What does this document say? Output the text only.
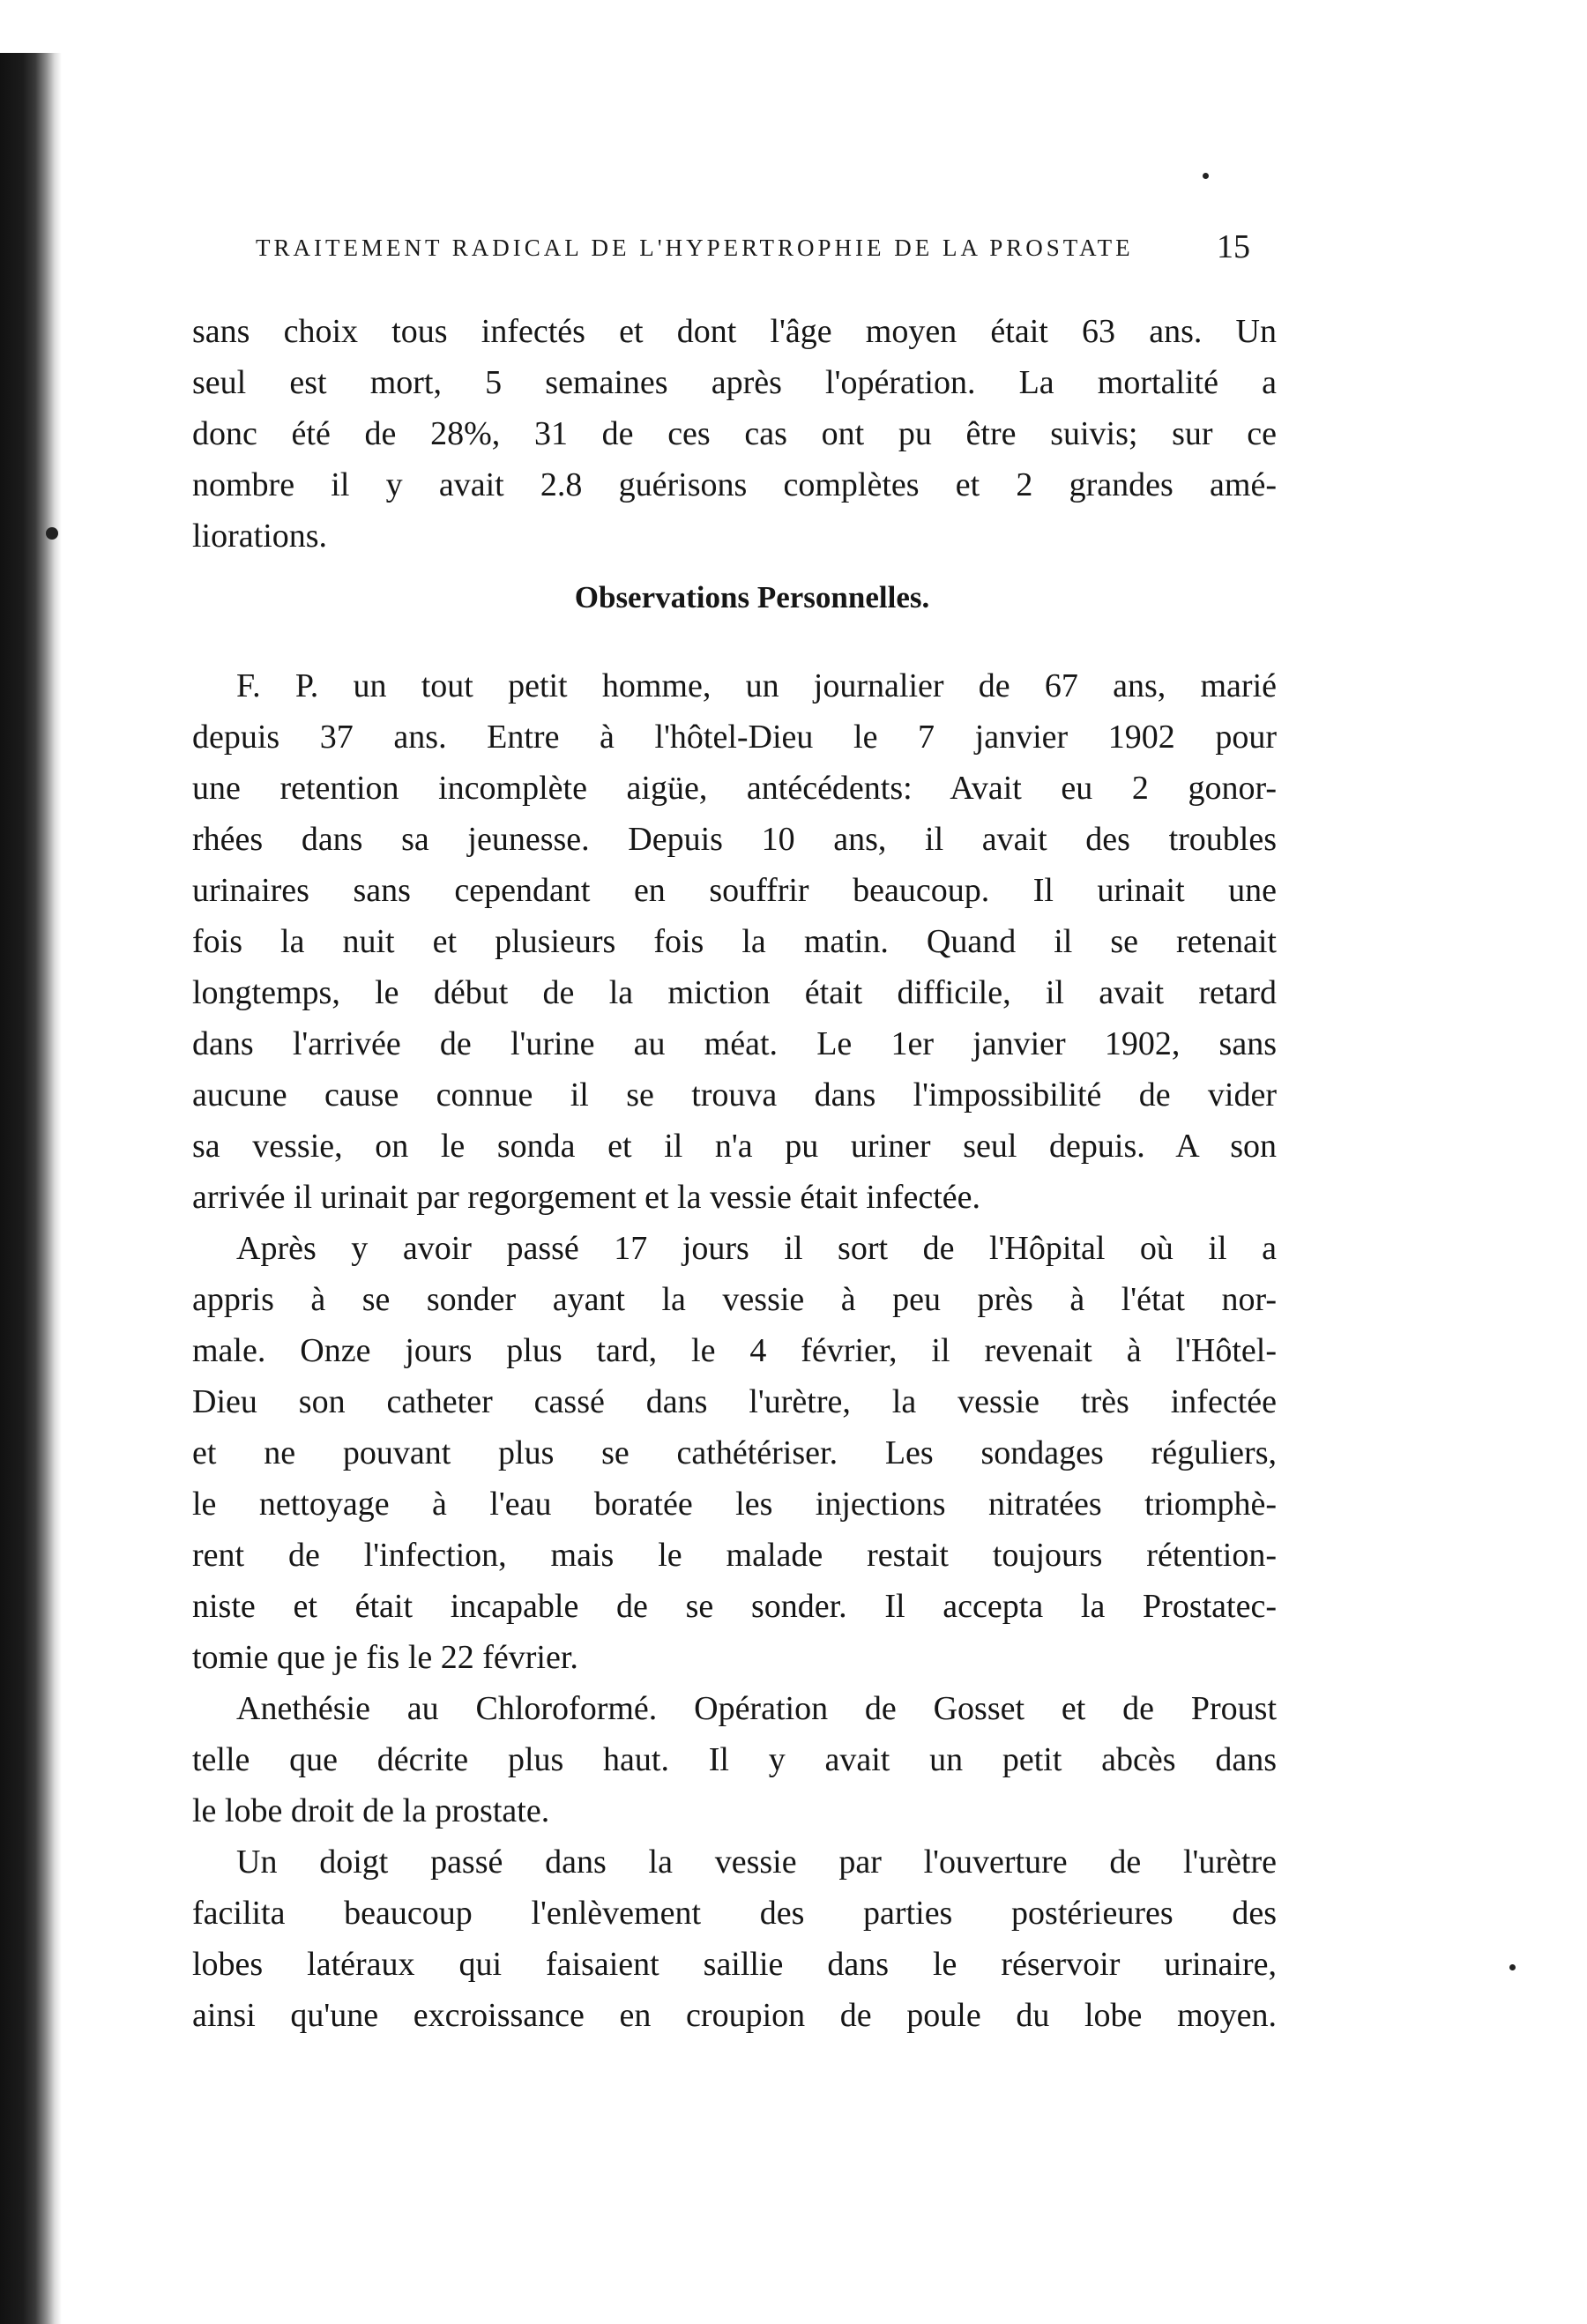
TRAITEMENT RADICAL DE L'HYPERTROPHIE DE LA PROSTATE	15
sans choix tous infectés et dont l'âge moyen était 63 ans. Un
seul est mort, 5 semaines après l'opération. La mortalité a
donc été de 28%, 31 de ces cas ont pu être suivis; sur ce
nombre il y avait 2.8 guérisons complètes et 2 grandes amé-
liorations.
Observations Personnelles.
F. P. un tout petit homme, un journalier de 67 ans, marié
depuis 37 ans. Entre à l'hôtel-Dieu le 7 janvier 1902 pour
une retention incomplète aigüe, antécédents: Avait eu 2 gonor-
rhées dans sa jeunesse. Depuis 10 ans, il avait des troubles
urinaires sans cependant en souffrir beaucoup. Il urinait une
fois la nuit et plusieurs fois la matin. Quand il se retenait
longtemps, le début de la miction était difficile, il avait retard
dans l'arrivée de l'urine au méat. Le 1er janvier 1902, sans
aucune cause connue il se trouva dans l'impossibilité de vider
sa vessie, on le sonda et il n'a pu uriner seul depuis. A son
arrivée il urinait par regorgement et la vessie était infectée.
Après y avoir passé 17 jours il sort de l'Hôpital où il a
appris à se sonder ayant la vessie à peu près à l'état nor-
male. Onze jours plus tard, le 4 février, il revenait à l'Hôtel-
Dieu son catheter cassé dans l'urètre, la vessie très infectée
et ne pouvant plus se cathétériser. Les sondages réguliers,
le nettoyage à l'eau boratée les injections nitratées triomphè-
rent de l'infection, mais le malade restait toujours rétention-
niste et était incapable de se sonder. Il accepta la Prostatec-
tomie que je fis le 22 février.
Anethésie au Chloroformé. Opération de Gosset et de Proust
telle que décrite plus haut. Il y avait un petit abcès dans
le lobe droit de la prostate.
Un doigt passé dans la vessie par l'ouverture de l'urètre
facilita beaucoup l'enlèvement des parties postérieures des
lobes latéraux qui faisaient saillie dans le réservoir urinaire,
ainsi qu'une excroissance en croupion de poule du lobe moyen.
